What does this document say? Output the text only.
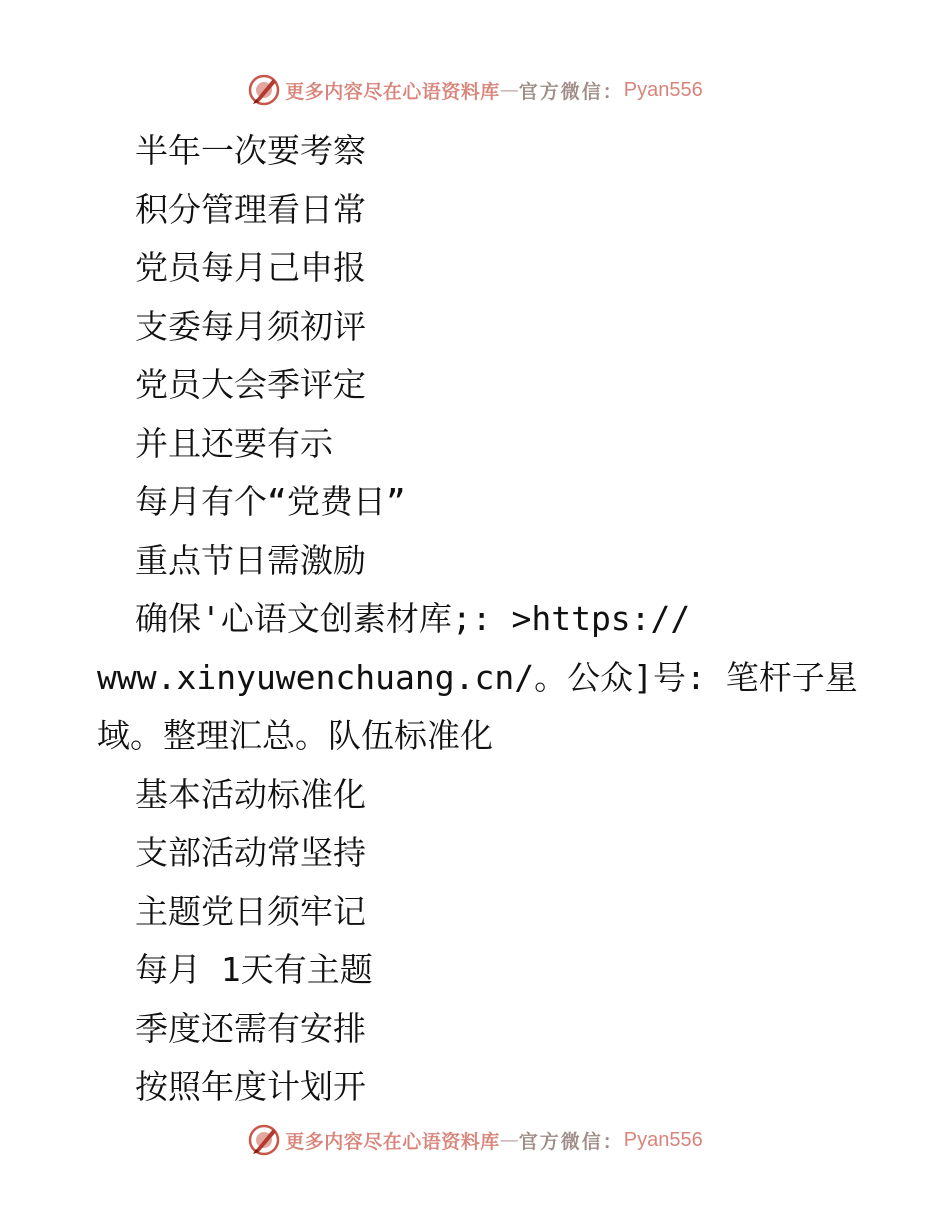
更多内容尽在心语资料库 — 官方微信： Pyan556
半年一次要考察
积分管理看日常
党员每月己申报
支委每月须初评
党员大会季评定
并且还要有示
每月有个“党费日”
重点节日需激励
确保'心语文创素材库;: >https://
www.xinyuwenchuang.cn/。公众]号: 笔杆子星
域。整理汇总。队伍标准化
基本活动标准化
支部活动常坚持
主题党日须牢记
每月 1天有主题
季度还需有安排
按照年度计划开
更多内容尽在心语资料库 — 官方微信： Pyan556
